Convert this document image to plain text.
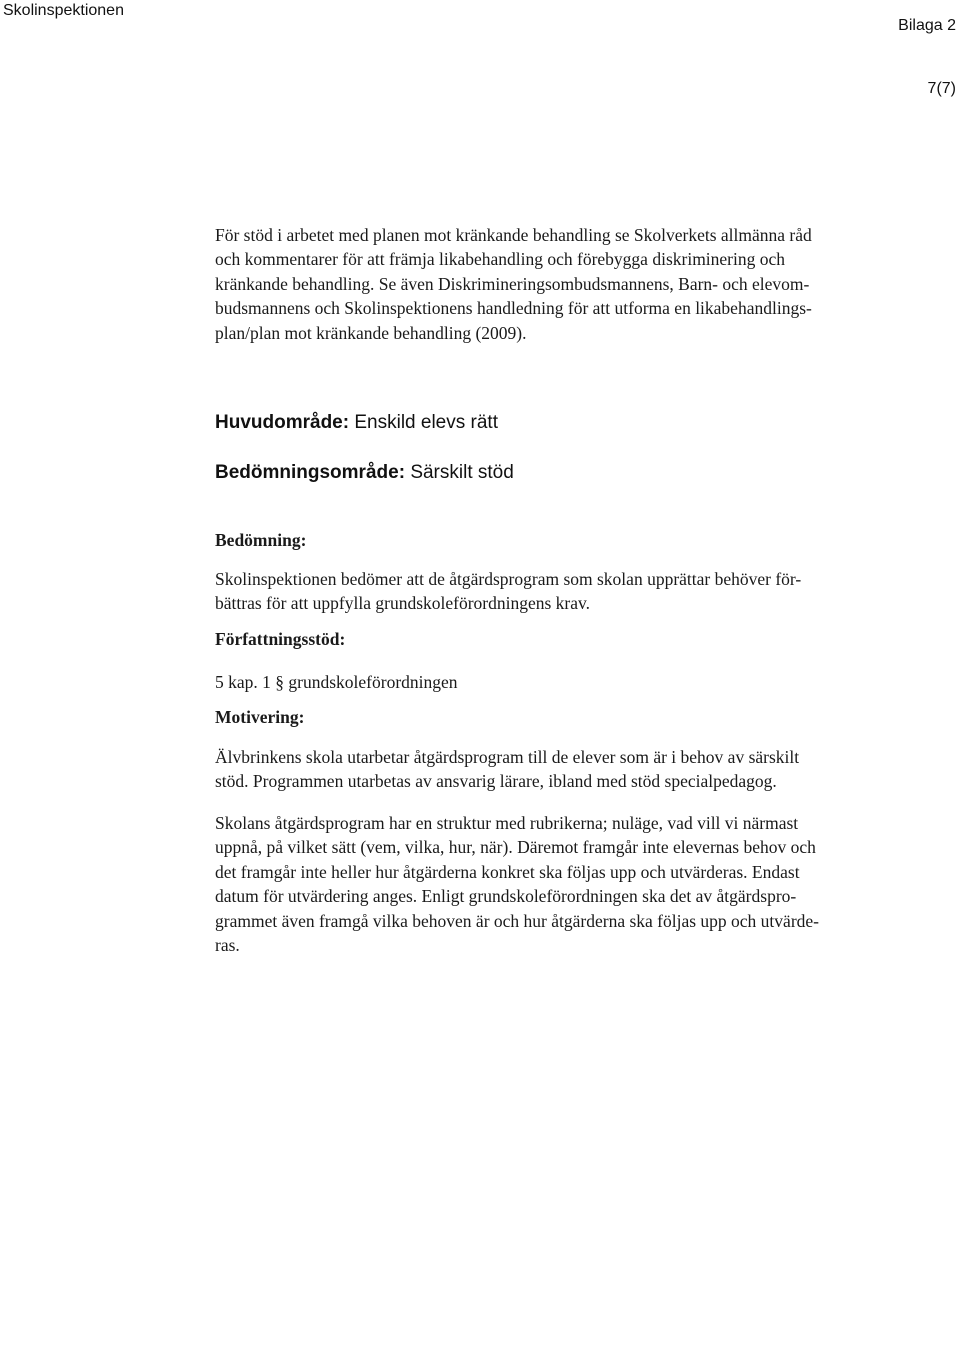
Skolinspektionen
Bilaga 2
7(7)
För stöd i arbetet med planen mot kränkande behandling se Skolverkets allmänna råd
och kommentarer för att främja likabehandling och förebygga diskriminering och
kränkande behandling. Se även Diskrimineringsombudsmannens, Barn- och elevom-
budsmannens och Skolinspektionens handledning för att utforma en likabehandlings-
plan/plan mot kränkande behandling (2009).
Huvudområde: Enskild elevs rätt
Bedömningsområde: Särskilt stöd
Bedömning:
Skolinspektionen bedömer att de åtgärdsprogram som skolan upprättar behöver för-
bättras för att uppfylla grundskoleförordningens krav.
Författningsstöd:
5 kap. 1 § grundskoleförordningen
Motivering:
Älvbrinkens skola utarbetar åtgärdsprogram till de elever som är i behov av särskilt
stöd. Programmen utarbetas av ansvarig lärare, ibland med stöd specialpedagog.
Skolans åtgärdsprogram har en struktur med rubrikerna; nuläge, vad vill vi närmast
uppnå, på vilket sätt (vem, vilka, hur, när). Däremot framgår inte elevernas behov och
det framgår inte heller hur åtgärderna konkret ska följas upp och utvärderas. Endast
datum för utvärdering anges. Enligt grundskoleförordningen ska det av åtgärdspro-
grammet även framgå vilka behoven är och hur åtgärderna ska följas upp och utvärde-
ras.
